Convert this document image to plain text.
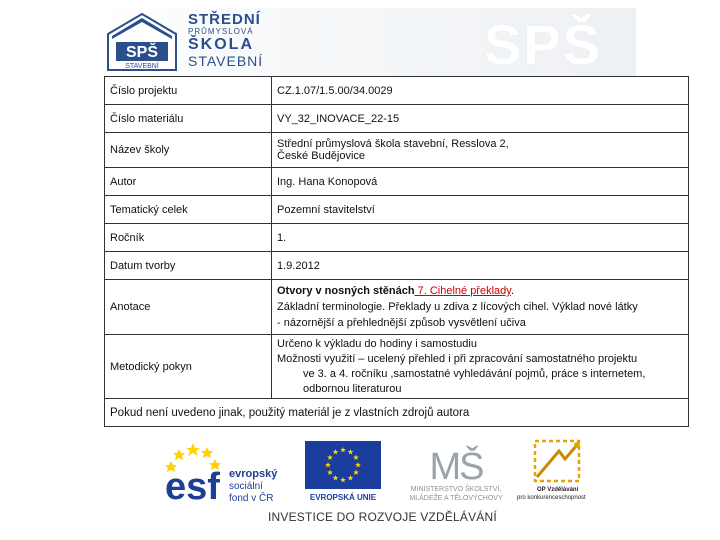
SPŠ
SPŠ
STAVEBNÍ
STŘEDNÍ
PRŮMYSLOVÁ
ŠKOLA
STAVEBNÍ
Číslo projektu	CZ.1.07/1.5.00/34.0029
Číslo materiálu	VY_32_INOVACE_22-15
Název školy	Střední průmyslová škola stavební, Resslova 2,
České Budějovice

Autor	Ing. Hana Konopová
Tematický celek	Pozemní stavitelství
Ročník	1.
Datum tvorby	1.9.2012
Anotace	Otvory v nosných stěnách 7. Cihelné překlady.
Základní terminologie. Překlady u zdiva z lícových cihel. Výklad nové látky
- názornější a přehlednější způsob vysvětlení učiva

Metodický pokyn	Určeno k výkladu do hodiny i samostudiu
Možnosti využití – ucelený přehled i při zpracování samostatného projektu
ve 3. a 4. ročníku ,samostatné vyhledávání pojmů, práce s internetem,
odbornou literaturou

Pokud není uvedeno jinak, použitý materiál je z vlastních zdrojů autora	
esf evropský
sociální
fond v ČR	EVROPSKÁ UNIE
MŠ
MINISTERSTVO ŠKOLSTVÍ,
MLÁDEŽE A TĚLOVÝCHOVY
OP Vzdělávání
pro konkurenceschopnost
INVESTICE DO ROZVOJE VZDĚLÁVÁNÍ
